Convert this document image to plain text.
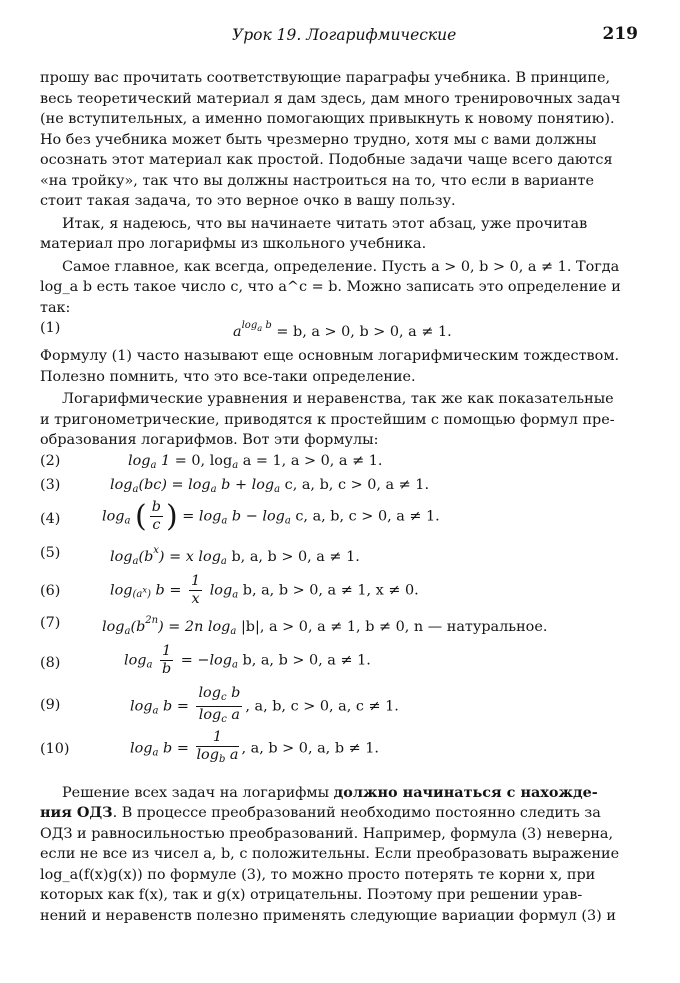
Урок 19. Логарифмические	219

прошу вас прочитать соответствующие параграфы учебника. В принципе,
весь теоретический материал я дам здесь, дам много тренировочных задач
(не вступительных, а именно помогающих привыкнуть к новому понятию).
Но без учебника может быть чрезмерно трудно, хотя мы с вами должны
осознать этот материал как простой. Подобные задачи чаще всего даются
«на тройку», так что вы должны настроиться на то, что если в варианте
стоит такая задача, то это верное очко в вашу пользу.

Итак, я надеюсь, что вы начинаете читать этот абзац, уже прочитав
материал про логарифмы из школьного учебника.

Самое главное, как всегда, определение. Пусть a > 0, b > 0, a ≠ 1. Тогда
log_a b есть такое число c, что a^c = b. Можно записать это определение и
так:

(1)	$a^{log_a b} = b$, a > 0, b > 0, a ≠ 1.

Формулу (1) часто называют еще основным логарифмическим тождеством.
Полезно помнить, что это все-таки определение.

Логарифмические уравнения и неравенства, так же как показательные
и тригонометрические, приводятся к простейшим с помощью формул пре-
образования логарифмов. Вот эти формулы:

(2)	$\log_a 1 = 0$, $\log_a a = 1$, a > 0, a ≠ 1.
(3)	$\log_a(bc) = \log_a b + \log_a c$, a, b, c > 0, a ≠ 1.
(4)	$\log_a$ ( $\frac{b}{c}$ ) = $\log_a b - \log_a c$, a, b, c > 0, a ≠ 1.
(5)	$\log_a(b^x) = x$ $\log_a b$, a, b > 0, a ≠ 1.
(6)	$\log_{(a^x)} b = \frac{1}{x} \log_a b$, a, b > 0, a ≠ 1, x ≠ 0.
(7)	$\log_a(b^{2n}) = 2n$ $\log_a |b|$, a > 0, a ≠ 1, b ≠ 0, n — натуральное.
(8)	$\log_a \frac{1}{b} = -\log_a$ b, a, b > 0, a ≠ 1.
(9)	$\log_a b = \frac{\log_c b}{\log_c a}$ , a, b, c > 0, a, c ≠ 1.
(10)	$\log_a b = \frac{1}{\log_b a}$ , a, b > 0, a, b ≠ 1.

Решение всех задач на логарифмы должно начинаться с нахожде-
ния ОДЗ. В процессе преобразований необходимо постоянно следить за
ОДЗ и равносильностью преобразований. Например, формула (3) неверна,
если не все из чисел a, b, c положительны. Если преобразовать выражение
log_a(f(x)g(x)) по формуле (3), то можно просто потерять те корни x, при
которых как f(x), так и g(x) отрицательны. Поэтому при решении урав-
нений и неравенств полезно применять следующие вариации формул (3) и
